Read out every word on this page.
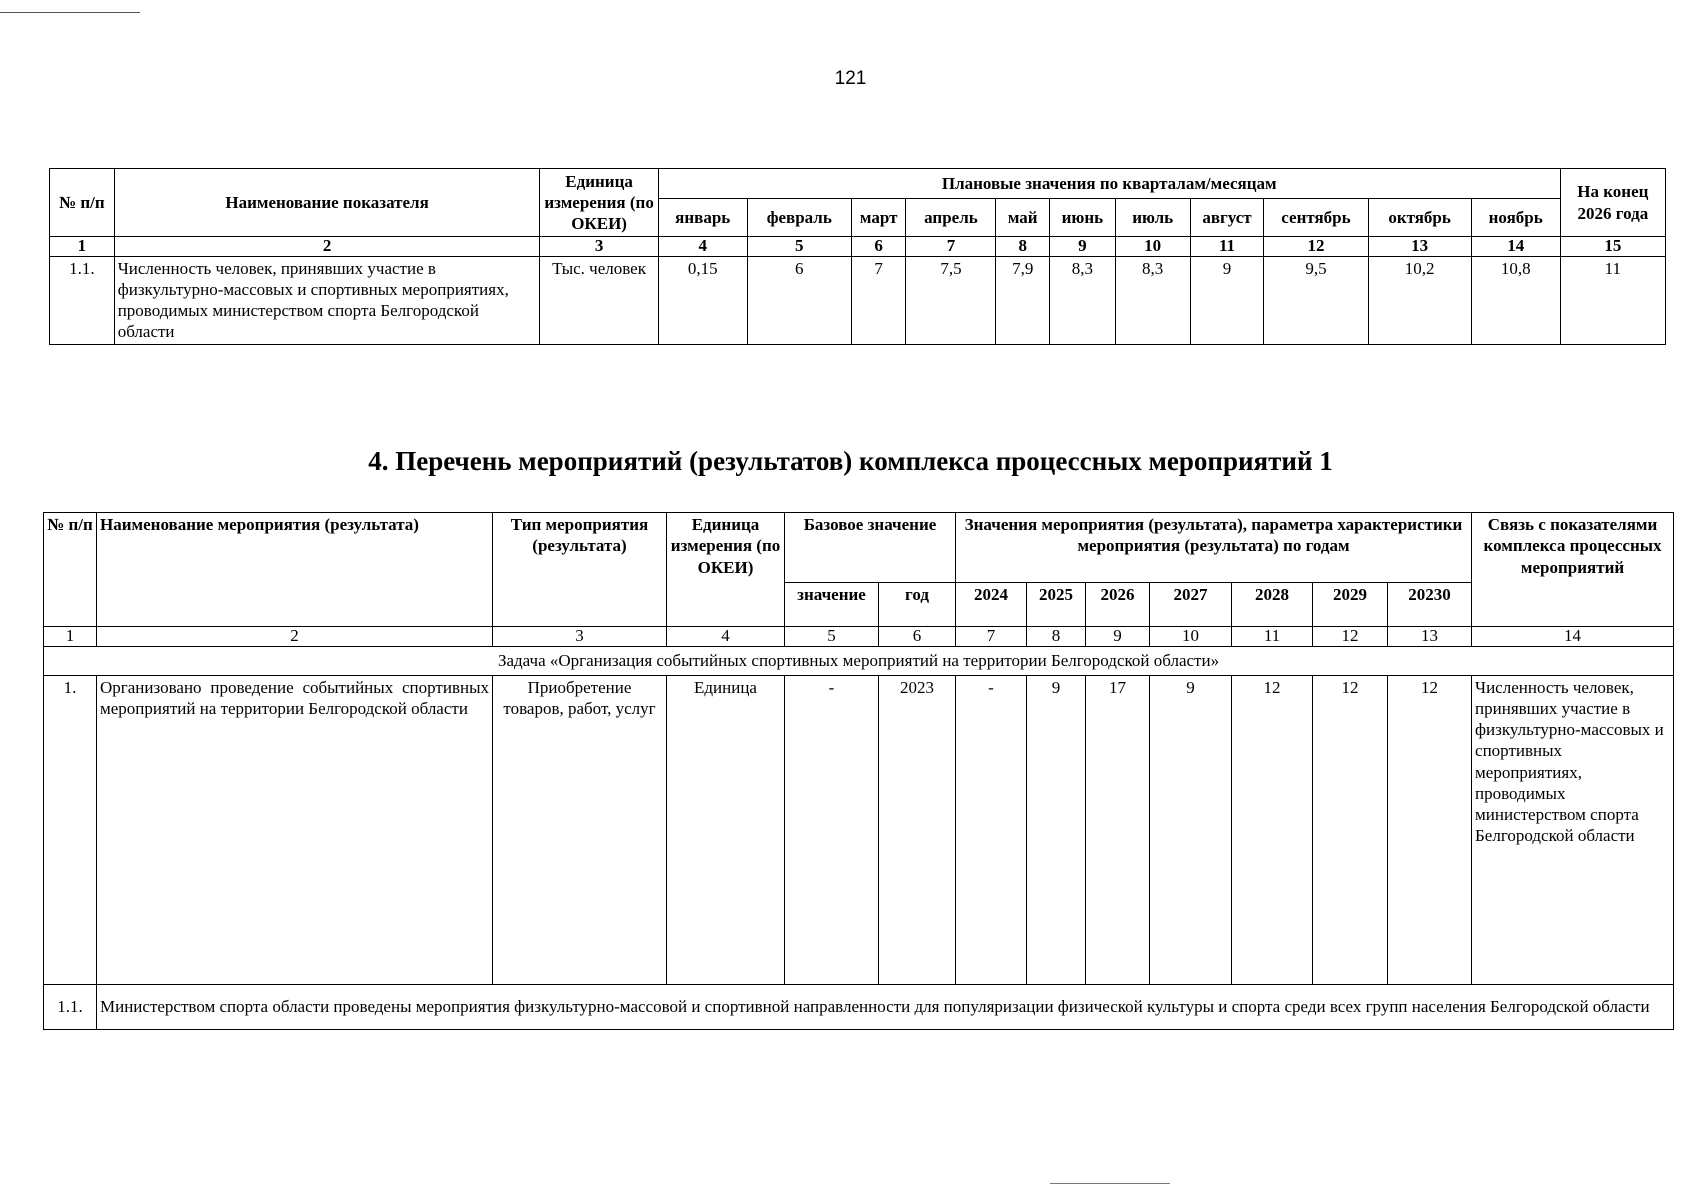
121
№ п/п	Наименование показателя	Единица измерения (по ОКЕИ)	Плановые значения по кварталам/месяцам											На конец 2026 года
			январь	февраль	март	апрель	май	июнь	июль	август	сентябрь	октябрь	ноябрь	
1	2	3	4	5	6	7	8	9	10	11	12	13	14	15
1.1.	Численность человек, принявших участие в физкультурно-массовых и спортивных мероприятиях, проводимых министерством спорта Белгородской области	Тыс. человек	0,15	6	7	7,5	7,9	8,3	8,3	9	9,5	10,2	10,8	11
4. Перечень мероприятий (результатов) комплекса процессных мероприятий 1
№ п/п	Наименование мероприятия (результата)	Тип мероприятия (результата)	Единица измерения (по ОКЕИ)	Базовое значение		Значения мероприятия (результата), параметра характеристики мероприятия (результата) по годам							Связь с показателями комплекса процессных мероприятий
				значение	год	2024	2025	2026	2027	2028	2029	20230	
1	2	3	4	5	6	7	8	9	10	11	12	13	14
Задача «Организация событийных спортивных мероприятий на территории Белгородской области»													
1.	Организовано проведение событийных спортивных мероприятий на территории Белгородской области	Приобретение товаров, работ, услуг	Единица	-	2023	-	9	17	9	12	12	12	Численность человек, принявших участие в физкультурно-массовых и спортивных мероприятиях, проводимых министерством спорта Белгородской области
1.1.	Министерством спорта области проведены мероприятия физкультурно-массовой и спортивной направленности для популяризации физической культуры и спорта среди всех групп населения Белгородской области												
